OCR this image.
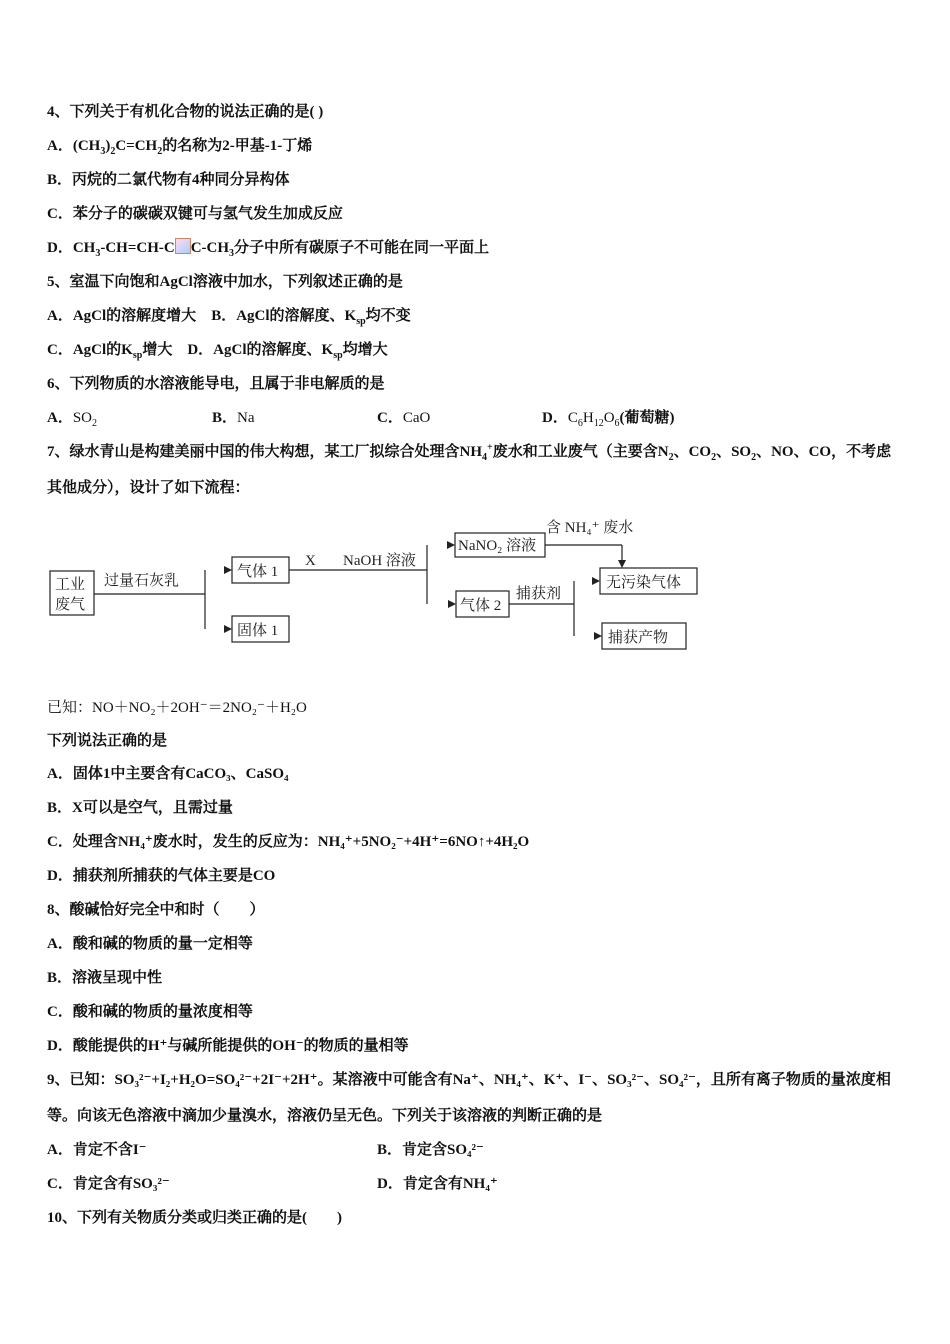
4、下列关于有机化合物的说法正确的是( )
A．$(CH_3)_2C=CH_2$的名称为2-甲基-1-丁烯
B．丙烷的二氯代物有4种同分异构体
C．苯分子的碳碳双键可与氢气发生加成反应
D．$CH_3-CH=CH-C$ $C-CH_3$分子中所有碳原子不可能在同一平面上
5、室温下向饱和AgCl溶液中加水，下列叙述正确的是
A．AgCl的溶解度增大 B．AgCl的溶解度、$K_{sp}$均不变
C．AgCl的$K_{sp}$增大 D．AgCl的溶解度、$K_{sp}$均增大
6、下列物质的水溶液能导电，且属于非电解质的是
A．$SO_2$	B．Na	C．CaO	D．$C_6H_{12}O_6$(葡萄糖)
7、绿水青山是构建美丽中国的伟大构想，某工厂拟综合处理含$NH_4^+$废水和工业废气（主要含$N_2$、$CO_2$、$SO_2$、NO、CO，不考虑其他成分），设计了如下流程：
工业
废气
过量石灰乳
气体 1
固体 1
X NaOH 溶液
NaNO₂ 溶液
含 NH₄⁺ 废水
气体 2
捕获剂
无污染气体
捕获产物
已知：NO＋NO₂＋2OH⁻＝2NO₂⁻＋H₂O
下列说法正确的是
A．固体1中主要含有CaCO₃、CaSO₄
B．X可以是空气，且需过量
C．处理含NH₄⁺废水时，发生的反应为：NH₄⁺+5NO₂⁻+4H⁺=6NO↑+4H₂O
D．捕获剂所捕获的气体主要是CO
8、酸碱恰好完全中和时（　　）
A．酸和碱的物质的量一定相等
B．溶液呈现中性
C．酸和碱的物质的量浓度相等
D．酸能提供的H⁺与碱所能提供的OH⁻的物质的量相等
9、已知：SO₃²⁻+I₂+H₂O=SO₄²⁻+2I⁻+2H⁺。某溶液中可能含有Na⁺、NH₄⁺、K⁺、I⁻、SO₃²⁻、SO₄²⁻，且所有离子物质的量浓度相等。向该无色溶液中滴加少量溴水，溶液仍呈无色。下列关于该溶液的判断正确的是
A．肯定不含I⁻	B．肯定含SO₄²⁻
C．肯定含有SO₃²⁻	D．肯定含有NH₄⁺
10、下列有关物质分类或归类正确的是(　　)
